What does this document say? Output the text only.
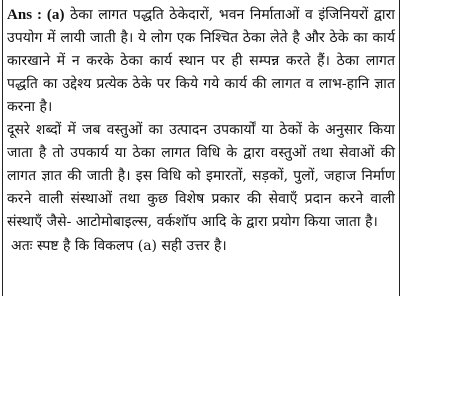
Ans : (a) ठेका लागत पद्धति ठेकेदारों, भवन निर्माताओं व इंजिनियरों द्वारा उपयोग में लायी जाती है। ये लोग एक निश्चित ठेका लेते है और ठेके का कार्य कारखाने में न करके ठेका कार्य स्थान पर ही सम्पन्न करते हैं। ठेका लागत पद्धति का उद्देश्य प्रत्येक ठेके पर किये गये कार्य की लागत व लाभ-हानि ज्ञात करना है।

दूसरे शब्दों में जब वस्तुओं का उत्पादन उपकार्यों या ठेकों के अनुसार किया जाता है तो उपकार्य या ठेका लागत विधि के द्वारा वस्तुओं तथा सेवाओं की लागत ज्ञात की जाती है। इस विधि को इमारतों, सड़कों, पुलों, जहाज निर्माण करने वाली संस्थाओं तथा कुछ विशेष प्रकार की सेवाएँ प्रदान करने वाली संस्थाएँ जैसे- आटोमोबाइल्स, वर्कशॉप आदि के द्वारा प्रयोग किया जाता है।

अतः स्पष्ट है कि विकलप (a) सही उत्तर है।
